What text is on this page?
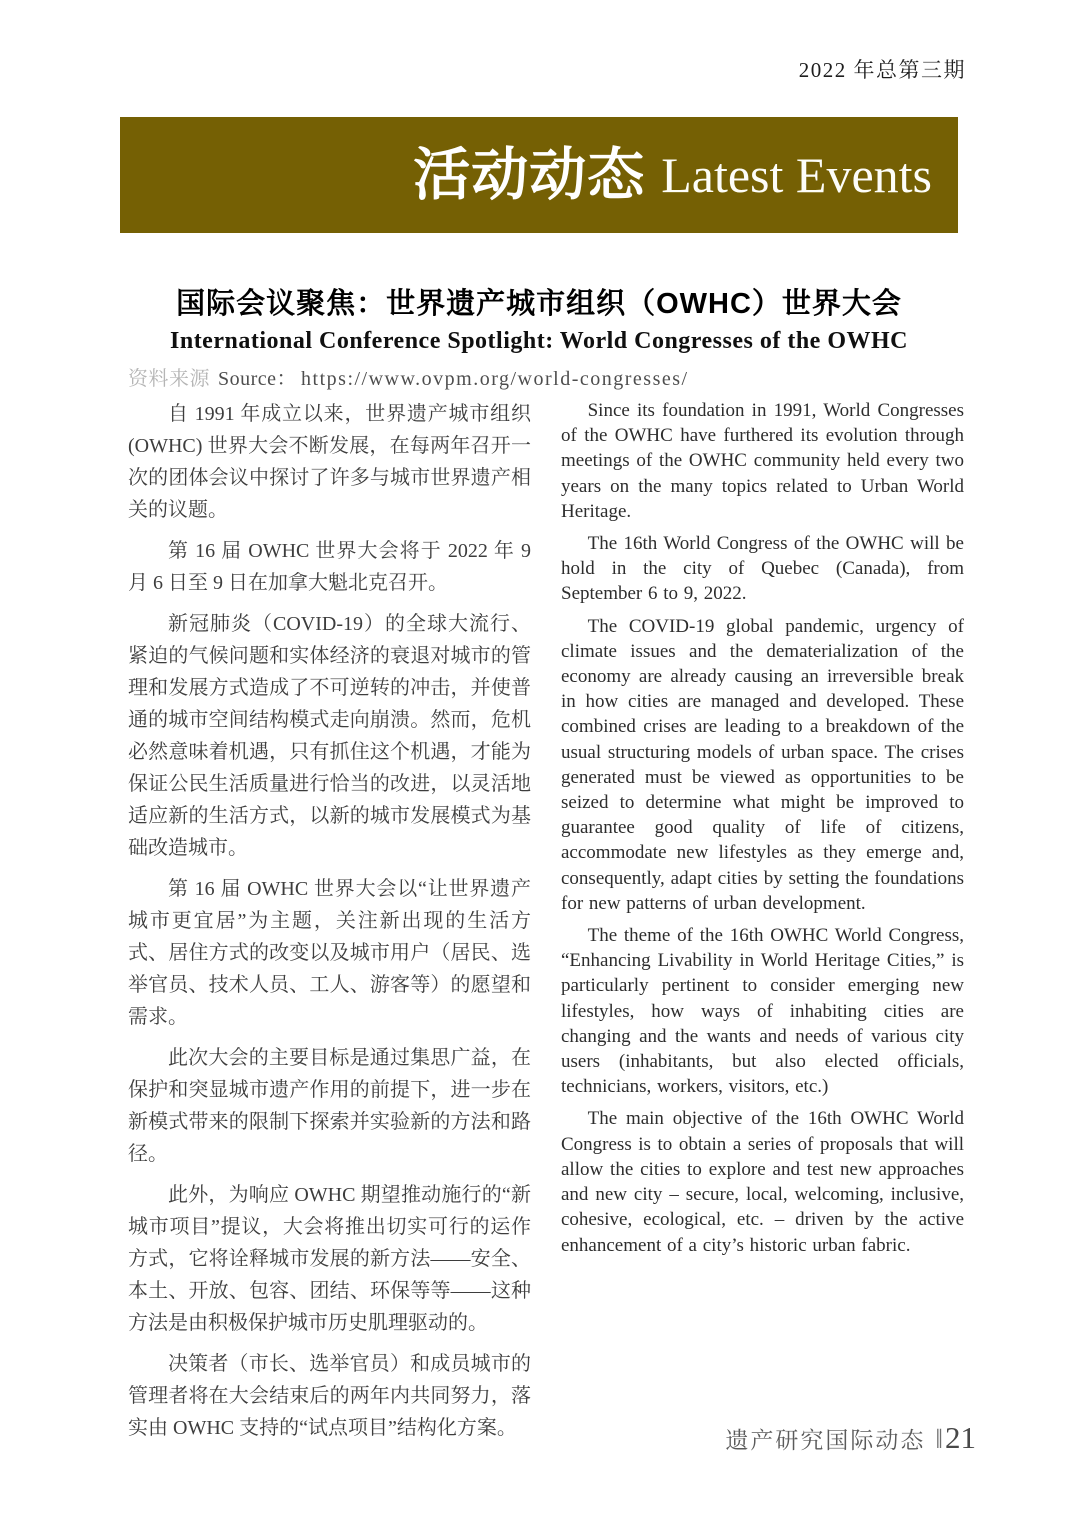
2022 年总第三期
活动动态 Latest Events
国际会议聚焦：世界遗产城市组织（OWHC）世界大会
International Conference Spotlight: World Congresses of the OWHC
资料来源 Source： https://www.ovpm.org/world-congresses/

自 1991 年成立以来，世界遗产城市组织 (OWHC) 世界大会不断发展，在每两年召开一次的团体会议中探讨了许多与城市世界遗产相关的议题。

第 16 届 OWHC 世界大会将于 2022 年 9 月 6 日至 9 日在加拿大魁北克召开。

新冠肺炎（COVID-19）的全球大流行、紧迫的气候问题和实体经济的衰退对城市的管理和发展方式造成了不可逆转的冲击，并使普通的城市空间结构模式走向崩溃。然而，危机必然意味着机遇，只有抓住这个机遇，才能为保证公民生活质量进行恰当的改进，以灵活地适应新的生活方式，以新的城市发展模式为基础改造城市。

第 16 届 OWHC 世界大会以“让世界遗产城市更宜居”为主题，关注新出现的生活方式、居住方式的改变以及城市用户（居民、选举官员、技术人员、工人、游客等）的愿望和需求。

此次大会的主要目标是通过集思广益，在保护和突显城市遗产作用的前提下，进一步在新模式带来的限制下探索并实验新的方法和路径。

此外，为响应 OWHC 期望推动施行的“新城市项目”提议，大会将推出切实可行的运作方式，它将诠释城市发展的新方法——安全、本土、开放、包容、团结、环保等等——这种方法是由积极保护城市历史肌理驱动的。

决策者（市长、选举官员）和成员城市的管理者将在大会结束后的两年内共同努力，落实由 OWHC 支持的“试点项目”结构化方案。

Since its foundation in 1991, World Congresses of the OWHC have furthered its evolution through meetings of the OWHC community held every two years on the many topics related to Urban World Heritage.

The 16th World Congress of the OWHC will be hold in the city of Quebec (Canada), from September 6 to 9, 2022.

The COVID-19 global pandemic, urgency of climate issues and the dematerialization of the economy are already causing an irreversible break in how cities are managed and developed. These combined crises are leading to a breakdown of the usual structuring models of urban space. The crises generated must be viewed as opportunities to be seized to determine what might be improved to guarantee good quality of life of citizens, accommodate new lifestyles as they emerge and, consequently, adapt cities by setting the foundations for new patterns of urban development.

The theme of the 16th OWHC World Congress, “Enhancing Livability in World Heritage Cities,” is particularly pertinent to consider emerging new lifestyles, how ways of inhabiting cities are changing and the wants and needs of various city users (inhabitants, but also elected officials, technicians, workers, visitors, etc.)

The main objective of the 16th OWHC World Congress is to obtain a series of proposals that will allow the cities to explore and test new approaches and new city – secure, local, welcoming, inclusive, cohesive, ecological, etc. – driven by the active enhancement of a city’s historic urban fabric.

遗产研究国际动态 ‖ 21
